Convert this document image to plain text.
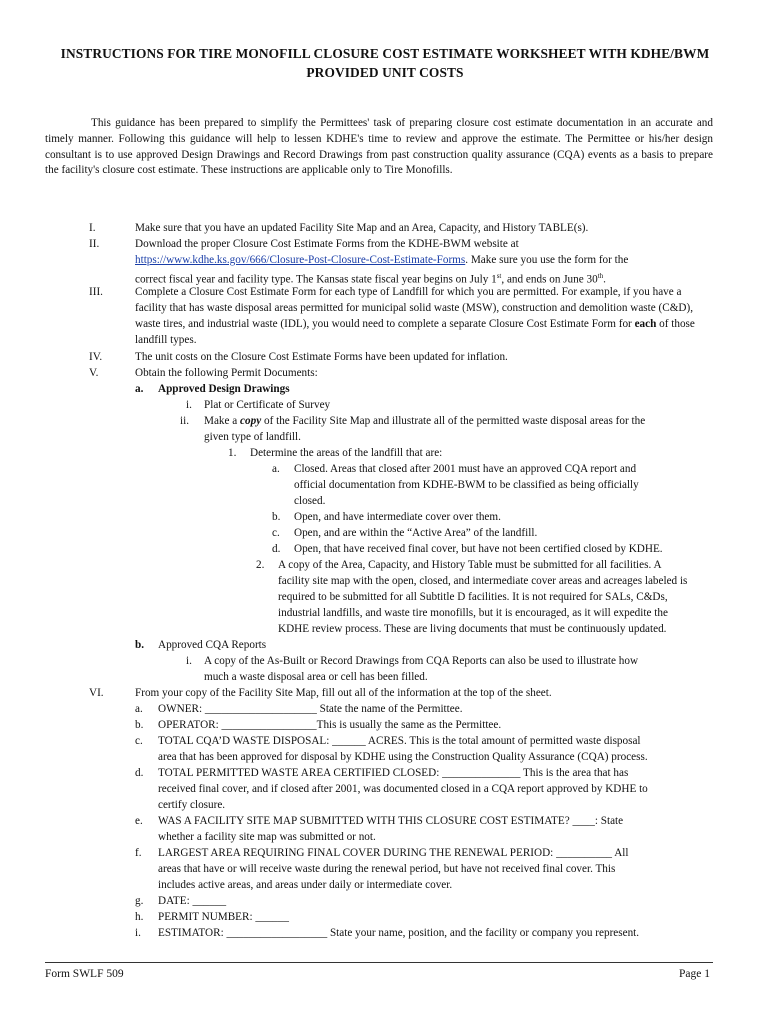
INSTRUCTIONS FOR TIRE MONOFILL CLOSURE COST ESTIMATE WORKSHEET WITH KDHE/BWM PROVIDED UNIT COSTS
This guidance has been prepared to simplify the Permittees' task of preparing closure cost estimate documentation in an accurate and timely manner. Following this guidance will help to lessen KDHE's time to review and approve the estimate. The Permittee or his/her design consultant is to use approved Design Drawings and Record Drawings from past construction quality assurance (CQA) events as a basis to prepare the facility's closure cost estimate. These instructions are applicable only to Tire Monofills.
I.	Make sure that you have an updated Facility Site Map and an Area, Capacity, and History TABLE(s).
II.	Download the proper Closure Cost Estimate Forms from the KDHE-BWM website at
https://www.kdhe.ks.gov/666/Closure-Post-Closure-Cost-Estimate-Forms. Make sure you use the form for the
correct fiscal year and facility type. The Kansas state fiscal year begins on July 1st, and ends on June 30th.
III.	Complete a Closure Cost Estimate Form for each type of Landfill for which you are permitted. For example, if you have a facility that has waste disposal areas permitted for municipal solid waste (MSW), construction and demolition waste (C&D), waste tires, and industrial waste (IDL), you would need to complete a separate Closure Cost Estimate Form for each of those landfill types.
IV.	The unit costs on the Closure Cost Estimate Forms have been updated for inflation.
V.	Obtain the following Permit Documents:
a. Approved Design Drawings
i. Plat or Certificate of Survey
ii. Make a copy of the Facility Site Map and illustrate all of the permitted waste disposal areas for the
given type of landfill.
1. Determine the areas of the landfill that are:
a. Closed. Areas that closed after 2001 must have an approved CQA report and
official documentation from KDHE-BWM to be classified as being officially
closed.
b. Open, and have intermediate cover over them.
c. Open, and are within the “Active Area” of the landfill.
d. Open, that have received final cover, but have not been certified closed by KDHE.
2. A copy of the Area, Capacity, and History Table must be submitted for all facilities. A
facility site map with the open, closed, and intermediate cover areas and acreages labeled is
required to be submitted for all Subtitle D facilities. It is not required for SALs, C&Ds,
industrial landfills, and waste tire monofills, but it is encouraged, as it will expedite the
KDHE review process. These are living documents that must be continuously updated.
b. Approved CQA Reports
i. A copy of the As-Built or Record Drawings from CQA Reports can also be used to illustrate how
much a waste disposal area or cell has been filled.
VI.	From your copy of the Facility Site Map, fill out all of the information at the top of the sheet.
a. OWNER: ____________________ State the name of the Permittee.
b. OPERATOR: _________________This is usually the same as the Permittee.
c. TOTAL CQA’D WASTE DISPOSAL: ______ ACRES. This is the total amount of permitted waste disposal
area that has been approved for disposal by KDHE using the Construction Quality Assurance (CQA) process.
d. TOTAL PERMITTED WASTE AREA CERTIFIED CLOSED: ______________ This is the area that has
received final cover, and if closed after 2001, was documented closed in a CQA report approved by KDHE to
certify closure.
e. WAS A FACILITY SITE MAP SUBMITTED WITH THIS CLOSURE COST ESTIMATE? ____: State
whether a facility site map was submitted or not.
f. LARGEST AREA REQUIRING FINAL COVER DURING THE RENEWAL PERIOD: __________ All
areas that have or will receive waste during the renewal period, but have not received final cover. This
includes active areas, and areas under daily or intermediate cover.
g. DATE: ______
h. PERMIT NUMBER: ______
i. ESTIMATOR: __________________ State your name, position, and the facility or company you represent.
Form SWLF 509	Page 1
